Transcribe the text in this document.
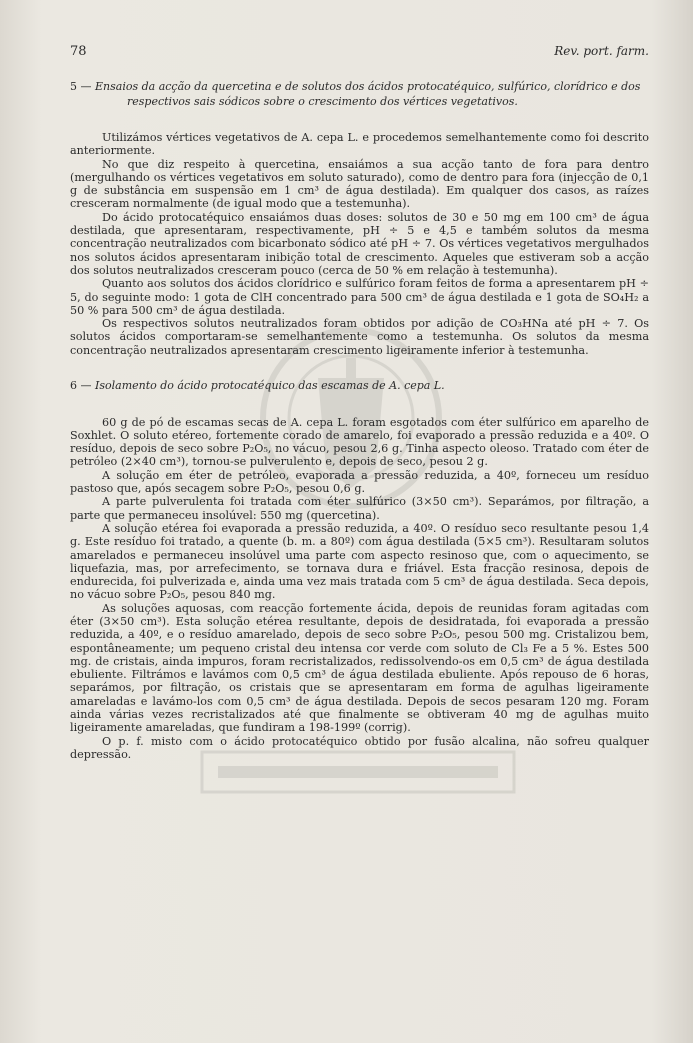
78	Rev. port. farm.
5 — Ensaios da acção da quercetina e de solutos dos ácidos protocatéquico, sulfúrico, clorídrico e dos respectivos sais sódicos sobre o crescimento dos vértices vegetativos.

Utilizámos vértices vegetativos de A. cepa L. e procedemos semelhantemente como foi descrito anteriormente.

No que diz respeito à quercetina, ensaiámos a sua acção tanto de fora para dentro (mergulhando os vértices vegetativos em soluto saturado), como de dentro para fora (injecção de 0,1 g de substância em suspensão em 1 cm³ de água destilada). Em qualquer dos casos, as raízes cresceram normalmente (de igual modo que a testemunha).

Do ácido protocatéquico ensaiámos duas doses: solutos de 30 e 50 mg em 100 cm³ de água destilada, que apresentaram, respectivamente, pH ÷ 5 e 4,5 e também solutos da mesma concentração neutralizados com bicarbonato sódico até pH ÷ 7. Os vértices vegetativos mergulhados nos solutos ácidos apresentaram inibição total de crescimento. Aqueles que estiveram sob a acção dos solutos neutralizados cresceram pouco (cerca de 50 % em relação à testemunha).

Quanto aos solutos dos ácidos clorídrico e sulfúrico foram feitos de forma a apresentarem pH ÷ 5, do seguinte modo: 1 gota de ClH concentrado para 500 cm³ de água destilada e 1 gota de SO₄H₂ a 50 % para 500 cm³ de água destilada.

Os respectivos solutos neutralizados foram obtidos por adição de CO₃HNa até pH ÷ 7. Os solutos ácidos comportaram-se semelhantemente como a testemunha. Os solutos da mesma concentração neutralizados apresentaram crescimento ligeiramente inferior à testemunha.

6 — Isolamento do ácido protocatéquico das escamas de A. cepa L.

60 g de pó de escamas secas de A. cepa L. foram esgotados com éter sulfúrico em aparelho de Soxhlet. O soluto etéreo, fortemente corado de amarelo, foi evaporado a pressão reduzida e a 40º. O resíduo, depois de seco sobre P₂O₅, no vácuo, pesou 2,6 g. Tinha aspecto oleoso. Tratado com éter de petróleo (2×40 cm³), tornou-se pulverulento e, depois de seco, pesou 2 g.

A solução em éter de petróleo, evaporada a pressão reduzida, a 40º, forneceu um resíduo pastoso que, após secagem sobre P₂O₅, pesou 0,6 g.

A parte pulverulenta foi tratada com éter sulfúrico (3×50 cm³). Separámos, por filtração, a parte que permaneceu insolúvel: 550 mg (quercetina).

A solução etérea foi evaporada a pressão reduzida, a 40º. O resíduo seco resultante pesou 1,4 g. Este resíduo foi tratado, a quente (b. m. a 80º) com água destilada (5×5 cm³). Resultaram solutos amarelados e permaneceu insolúvel uma parte com aspecto resinoso que, com o aquecimento, se liquefazia, mas, por arrefecimento, se tornava dura e friável. Esta fracção resinosa, depois de endurecida, foi pulverizada e, ainda uma vez mais tratada com 5 cm³ de água destilada. Seca depois, no vácuo sobre P₂O₅, pesou 840 mg.

As soluções aquosas, com reacção fortemente ácida, depois de reunidas foram agitadas com éter (3×50 cm³). Esta solução etérea resultante, depois de desidratada, foi evaporada a pressão reduzida, a 40º, e o resíduo amarelado, depois de seco sobre P₂O₅, pesou 500 mg. Cristalizou bem, espontâneamente; um pequeno cristal deu intensa cor verde com soluto de Cl₃ Fe a 5 %. Estes 500 mg. de cristais, ainda impuros, foram recristalizados, redissolvendo-os em 0,5 cm³ de água destilada ebuliente. Filtrámos e lavámos com 0,5 cm³ de água destilada ebuliente. Após repouso de 6 horas, separámos, por filtração, os cristais que se apresentaram em forma de agulhas ligeiramente amareladas e lavámo-los com 0,5 cm³ de água destilada. Depois de secos pesaram 120 mg. Foram ainda várias vezes recristalizados até que finalmente se obtiveram 40 mg de agulhas muito ligeiramente amareladas, que fundiram a 198-199º (corrig).

O p. f. misto com o ácido protocatéquico obtido por fusão alcalina, não sofreu qualquer depressão.
